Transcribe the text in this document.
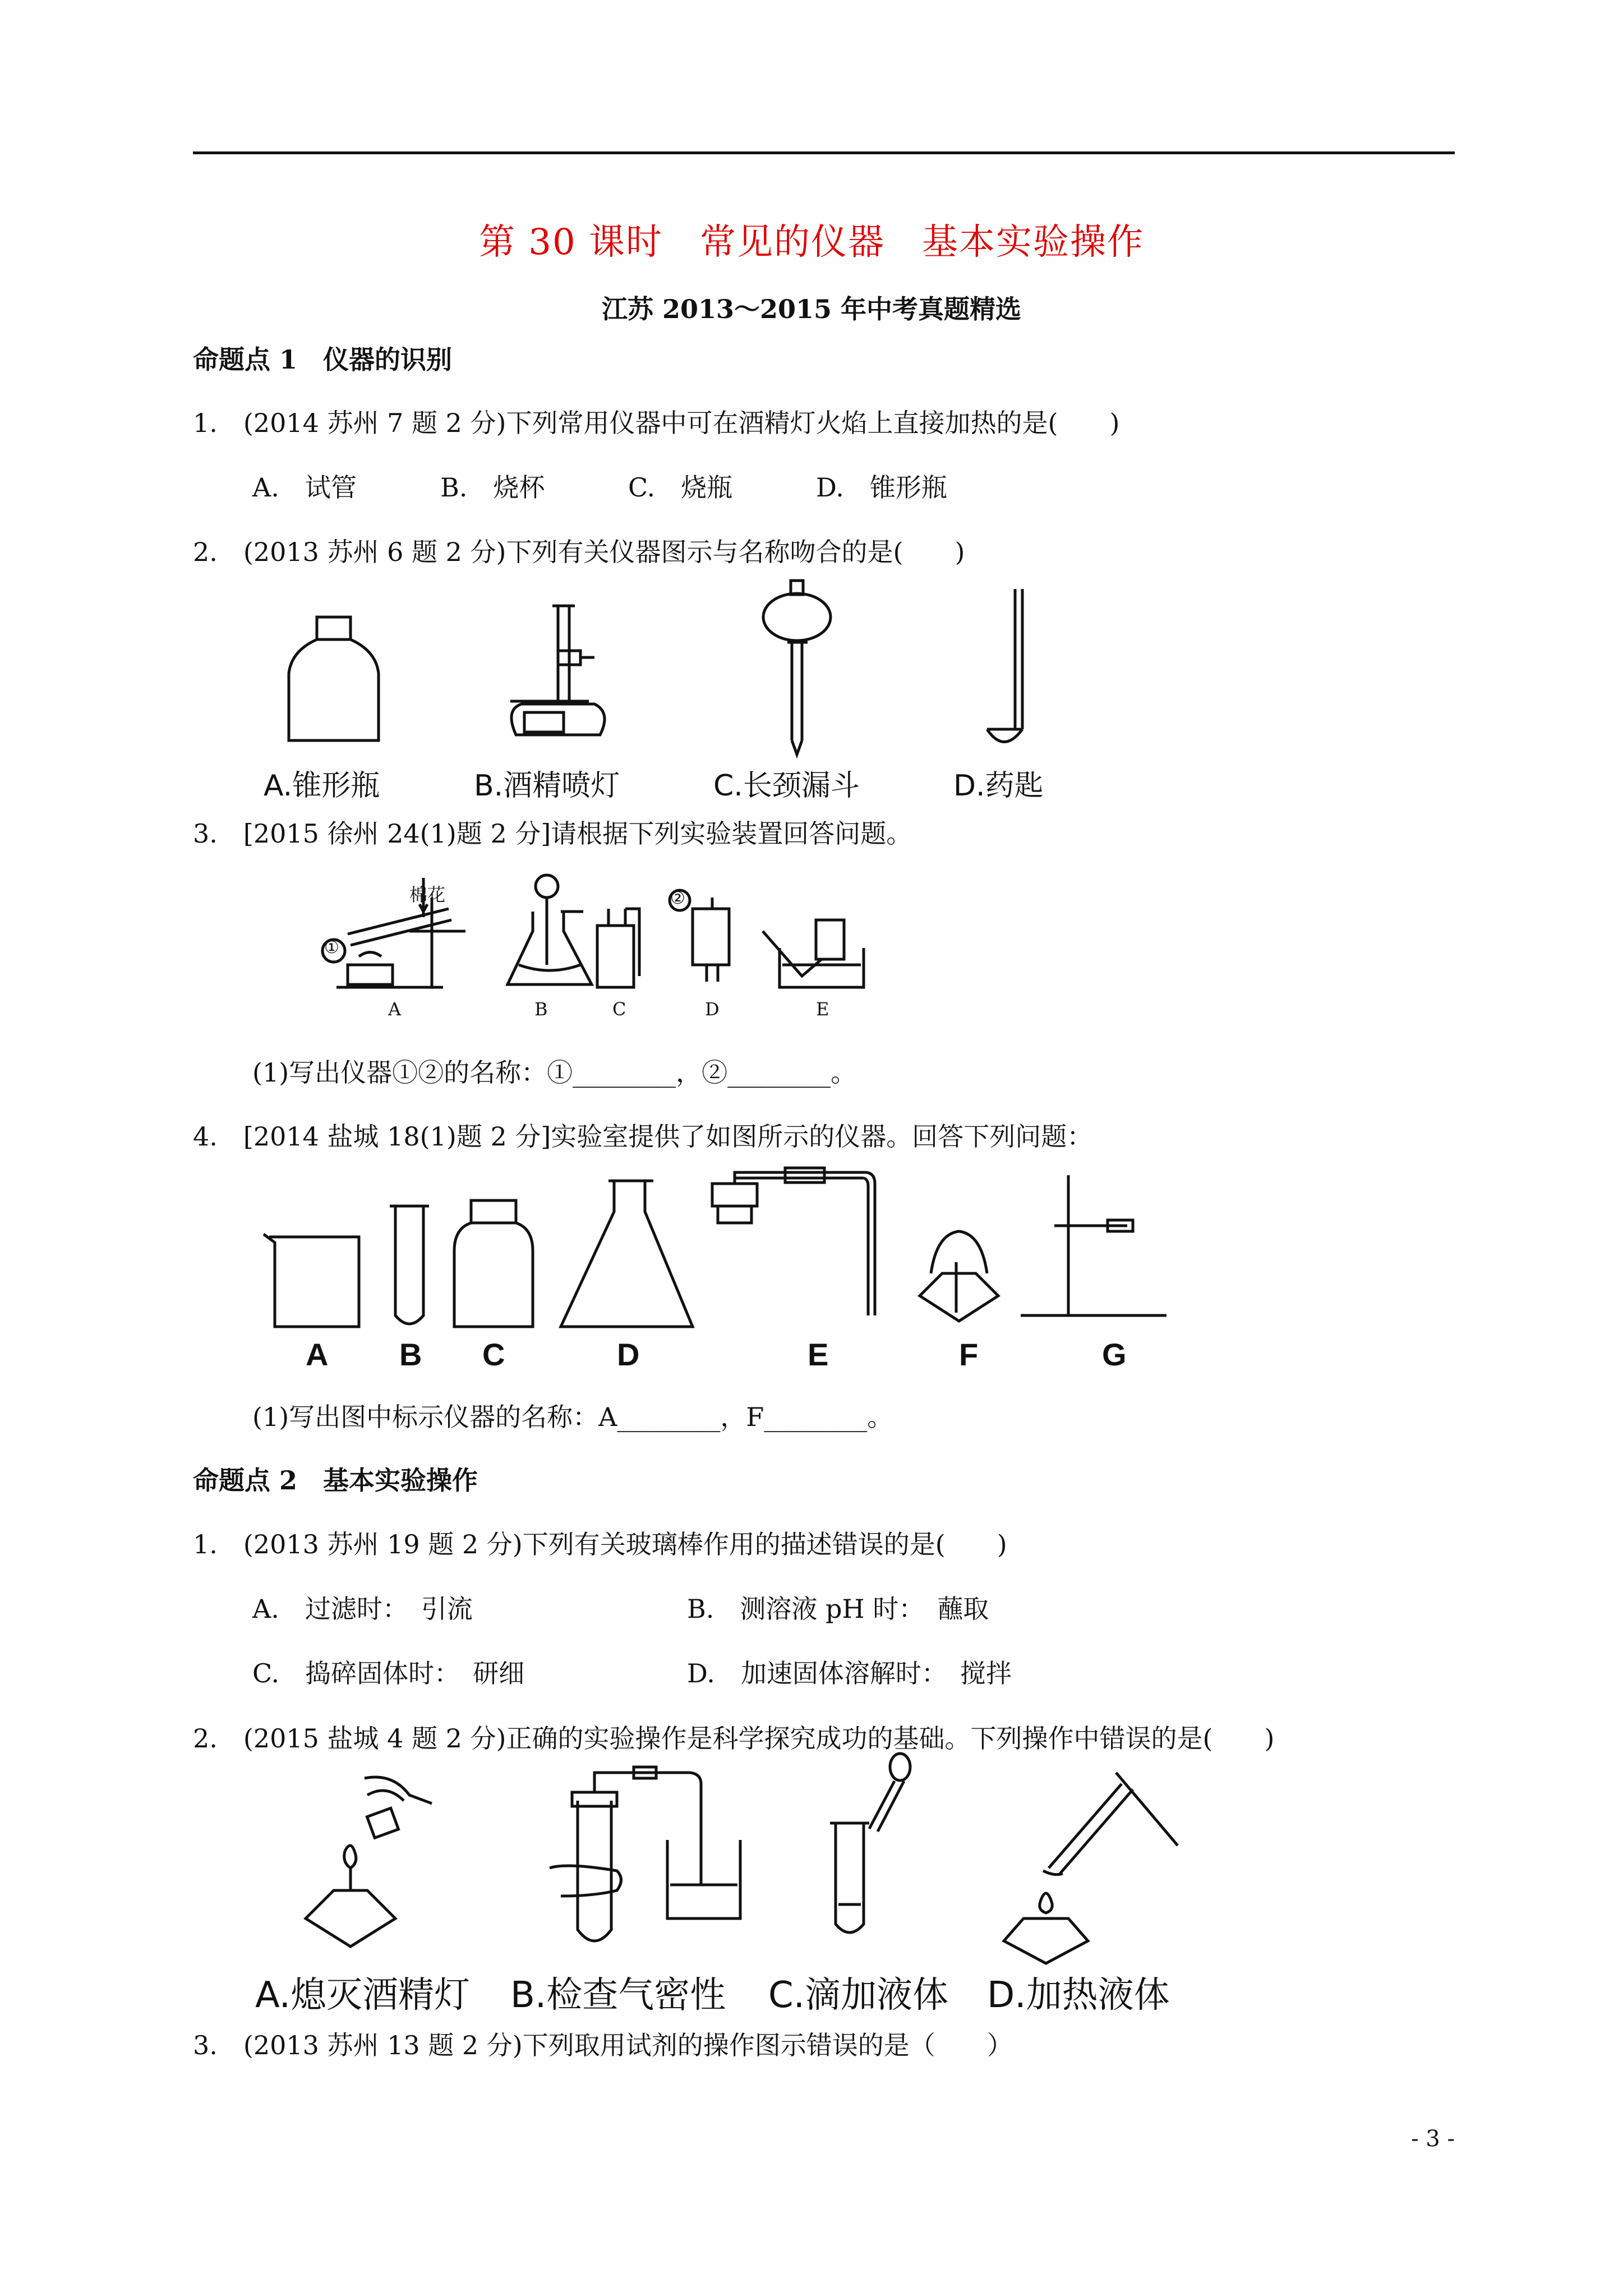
第 30 课时　常见的仪器　基本实验操作
江苏 2013～2015 年中考真题精选
命题点 1　仪器的识别
1.　(2014 苏州 7 题 2 分)下列常用仪器中可在酒精灯火焰上直接加热的是(　　)
A.　试管	B.　烧杯	C.　烧瓶	D.　锥形瓶
2.　(2013 苏州 6 题 2 分)下列有关仪器图示与名称吻合的是(　　)
A.锥形瓶	B.酒精喷灯	C.长颈漏斗	D.药匙
3.　[2015 徐州 24(1)题 2 分]请根据下列实验装置回答问题。
棉花
①
②
A	B	C	D	E
(1)写出仪器①②的名称：①________，②________。
4.　[2014 盐城 18(1)题 2 分]实验室提供了如图所示的仪器。回答下列问题：
A B C	D	E	F	G
(1)写出图中标示仪器的名称：A________，F________。
命题点 2　基本实验操作
1.　(2013 苏州 19 题 2 分)下列有关玻璃棒作用的描述错误的是(　　)
A.　过滤时：　引流	B.　测溶液 pH 时：　蘸取
C.　捣碎固体时：　研细	D.　加速固体溶解时：　搅拌
2.　(2015 盐城 4 题 2 分)正确的实验操作是科学探究成功的基础。下列操作中错误的是(　　)
A.熄灭酒精灯 B.检查气密性 C.滴加液体 D.加热液体
3.　(2013 苏州 13 题 2 分)下列取用试剂的操作图示错误的是（　　）
- 3 -
